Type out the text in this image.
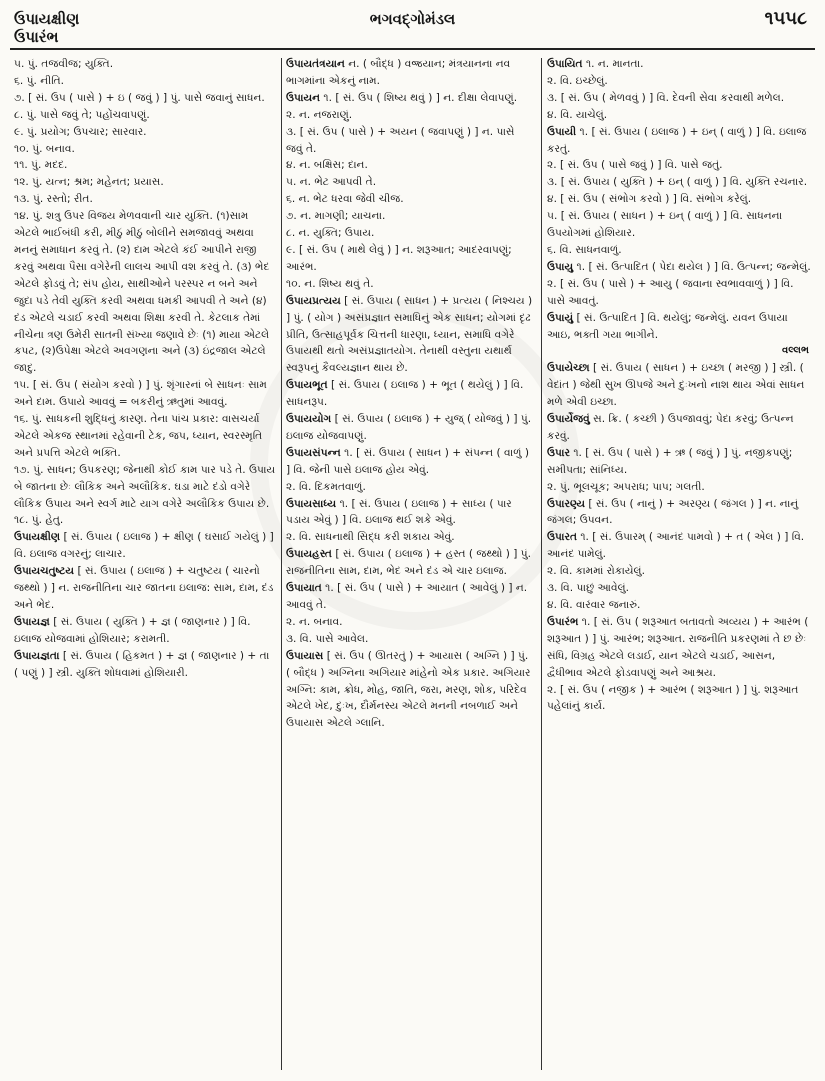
ઉપાયક્ષીણ
ઉપારંભ
ભગવદ્ગોમંડલ	૧૫૫૮

૫. પું. તજવીજ; યુક્તિ.

૬. પું. નીતિ.

૭. [ સં. ઉપ ( પાસે ) + ઇ ( જવું ) ] પું. પાસે જવાનું સાધન.

૮. પું. પાસે જવું તે; પહોંચવાપણું.

૯. પું. પ્રયોગ; ઉપચાર; સારવાર.

૧૦. પું. બનાવ.

૧૧. પું. મદદ.

૧૨. પું. યત્ન; શ્રમ; મહેનત; પ્રયાસ.

૧૩. પું. રસ્તો; રીત.

૧૪. પું. શત્રુ ઉપર વિજય મેળવવાની ચાર યુક્તિ. (૧)સામ એટલે ભાઈબંધી કરી, મીઠું મીઠું બોલીને સમજાવવું અથવા મનનું સમાધાન કરવું તે. (૨) દામ એટલે કંઈ આપીને રાજી કરવું અથવા પૈસા વગેરેની લાલચ આપી વશ કરવું તે. (૩) ભેદ એટલે ફોડવું તે; સંપ હોય, સાથીઓને પરસ્પર ન બને અને જુદા પડે તેવી યુક્તિ કરવી અથવા ધમકી આપવી તે અને (૪) દંડ એટલે ચડાઈ કરવી અથવા શિક્ષા કરવી તે. કેટલાક તેમાં નીચેના ત્રણ ઉમેરી સાતની સંખ્યા જણાવે છેઃ (૧) માયા એટલે કપટ, (૨)ઉપેક્ષા એટલે અવગણના અને (૩) ઇંદ્રજાલ એટલે જાદુ.

૧૫. [ સં. ઉપ ( સંયોગ કરવો ) ] પું. શૃંગારનાં બે સાધનઃ સામ અને દામ. ઉપાયે આવવું = બકરીનું ઋતુમાં આવવું.

૧૬. પું. સાધકની શુદ્ધિનું કારણ. તેના પાંચ પ્રકાર: વાસચર્યા એટલે એકજ સ્થાનમાં રહેવાની ટેક, જપ, ધ્યાન, સ્વરસ્મૃતિ અને પ્રપત્તિ એટલે ભક્તિ.

૧૭. પું. સાધન; ઉપકરણ; જેનાથી કોઈ કામ પાર પડે તે. ઉપાય બે જાતના છેઃ લૌકિક અને અલૌકિક. ઘડા માટે દંડો વગેરે લૌકિક ઉપાય અને સ્વર્ગ માટે યાગ વગેરે અલૌકિક ઉપાય છે.

૧૮. પું. હેતુ.

ઉપાયક્ષીણ [ સં. ઉપાય ( ઇલાજ ) + ક્ષીણ ( ઘસાઈ ગયેલું ) ] વિ. ઇલાજ વગરનું; લાચાર.

ઉપાયચતુષ્ટય [ સં. ઉપાય ( ઇલાજ ) + ચતુષ્ટય ( ચારનો જથ્થો ) ] ન. રાજનીતિના ચાર જાતના ઇલાજ: સામ, દામ, દંડ અને ભેદ.

ઉપાયજ્ઞ [ સં. ઉપાય ( યુક્તિ ) + જ્ઞ ( જાણનાર ) ] વિ. ઇલાજ યોજવામાં હોશિયાર; કરામતી.

ઉપાયજ્ઞતા [ સં. ઉપાય ( હિકમત ) + જ્ઞ ( જાણનાર ) + તા ( પણું ) ] સ્ત્રી. યુક્તિ શોધવામાં હોશિયારી.

ઉપાયતંત્રયાન ન. ( બૌદ્ધ ) વજ્રયાન; મંત્રયાનના નવ ભાગમાંના એકનું નામ.

ઉપાયન ૧. [ સં. ઉપ ( શિષ્ય થવું ) ] ન. દીક્ષા લેવાપણું.

૨. ન. નજરાણું.

૩. [ સં. ઉપ ( પાસે ) + અયન ( જવાપણું ) ] ન. પાસે જવું તે.

૪. ન. બક્ષિસ; દાન.

૫. ન. ભેટ આપવી તે.

૬. ન. ભેટ ધરવા જેવી ચીજ.

૭. ન. માગણી; યાચના.

૮. ન. યુક્તિ; ઉપાય.

૯. [ સં. ઉપ ( માથે લેવું ) ] ન. શરૂઆત; આદરવાપણું; આરંભ.

૧૦. ન. શિષ્ય થવું તે.

ઉપાયપ્રત્યય [ સં. ઉપાય ( સાધન ) + પ્રત્યય ( નિશ્ચય ) ] પું. ( યોગ ) અસંપ્રજ્ઞાત સમાધિનું એક સાધન; યોગમાં દૃઢ પ્રીતિ, ઉત્સાહપૂર્વક ચિત્તની ધારણા, ધ્યાન, સમાધિ વગેરે ઉપાયથી થતો અસંપ્રજ્ઞાતયોગ. તેનાથી વસ્તુના યથાર્થ સ્વરૂપનું કૈવલ્યજ્ઞાન થાય છે.

ઉપાયભૂત [ સં. ઉપાય ( ઇલાજ ) + ભૂત ( થયેલું ) ] વિ. સાધનરૂપ.

ઉપાયયોગ [ સં. ઉપાય ( ઇલાજ ) + યુજ્ ( યોજવું ) ] પું. ઇલાજ યોજવાપણું.

ઉપાયસંપન્ન ૧. [ સં. ઉપાય ( સાધન ) + સંપન્ન ( વાળું ) ] વિ. જેની પાસે ઇલાજ હોય એવું.

૨. વિ. દિકમતવાળું.

ઉપાયસાધ્ય ૧. [ સં. ઉપાય ( ઇલાજ ) + સાધ્ય ( પાર પડાય એવું ) ] વિ. ઇલાજ થઈ શકે એવું.

૨. વિ. સાધનાથી સિદ્ધ કરી શકાય એવું.

ઉપાયહસ્ત [ સં. ઉપાય ( ઇલાજ ) + હસ્ત ( જથ્થો ) ] પું. રાજનીતિના સામ, દામ, ભેદ અને દંડ એ ચાર ઇલાજ.

ઉપાયાત ૧. [ સં. ઉપ ( પાસે ) + આયાત ( આવેલું ) ] ન. આવવું તે.

૨. ન. બનાવ.

૩. વિ. પાસે આવેલ.

ઉપાયાસ [ સં. ઉપ ( ઊતરતું ) + આયાસ ( અગ્નિ ) ] પું. ( બૌદ્ધ ) અગ્નિના અગિયાર માંહેનો એક પ્રકાર. અગિયાર અગ્નિ: કામ, ક્રોધ, મોહ, જાતિ, જરા, મરણ, શોક, પરિદેવ એટલે ખેદ, દુઃખ, દૌર્મનસ્ય એટલે મનની નબળાઈ અને ઉપાયાસ એટલે ગ્લાનિ.

ઉપાયિત ૧. ન. માનતા.

૨. વિ. ઇચ્છેલું.

૩. [ સં. ઉપ ( મેળવવું ) ] વિ. દેવની સેવા કરવાથી મળેલ.

૪. વિ. યાચેલું.

ઉપાયી ૧. [ સં. ઉપાય ( ઇલાજ ) + ઇન્ ( વાળું ) ] વિ. ઇલાજ કરતું.

૨. [ સં. ઉપ ( પાસે જવું ) ] વિ. પાસે જતું.

૩. [ સં. ઉપાય ( યુક્તિ ) + ઇન્ ( વાળું ) ] વિ. યુક્તિ રચનાર.

૪. [ સં. ઉપ ( સંભોગ કરવો ) ] વિ. સંભોગ કરેલું.

૫. [ સં. ઉપાય ( સાધન ) + ઇન્ ( વાળું ) ] વિ. સાધનના ઉપયોગમાં હોશિયાર.

૬. વિ. સાધનવાળું.

ઉપાયુ ૧. [ સં. ઉત્પાદિત ( પેદા થયેલ ) ] વિ. ઉત્પન્ન; જન્મેલું.

૨. [ સં. ઉપ ( પાસે ) + આયુ ( જવાના સ્વભાવવાળું ) ] વિ. પાસે આવતું.

ઉપાયું [ સં. ઉત્પાદિત ] વિ. થયેલું; જન્મેલું. યવન ઉપાયા આઇ, ભક્તી ગયા ભાગીને.

વલ્લભ

ઉપાયેચ્છા [ સં. ઉપાય ( સાધન ) + ઇચ્છા ( મરજી ) ] સ્ત્રી. ( વેદાંત ) જેથી સુખ ઊપજે અને દુઃખનો નાશ થાય એવાં સાધન મળે એવી ઇચ્છા.

ઉપાર્યેજવું સ. ક્રિ. ( કચ્છી ) ઉપજાવવું; પેદા કરવું; ઉત્પન્ન કરવું.

ઉપાર ૧. [ સં. ઉપ ( પાસે ) + ઋ ( જવું ) ] પું. નજીકપણું; સમીપતા; સાંનિધ્ય.

૨. પું. ભૂલચૂક; અપરાધ; પાપ; ગલતી.

ઉપારણ્ય [ સં. ઉપ ( નાનું ) + અરણ્ય ( જંગલ ) ] ન. નાનું જંગલ; ઉપવન.

ઉપારત ૧. [ સં. ઉપારમ્ ( આનંદ પામવો ) + ત ( એલ ) ] વિ. આનંદ પામેલું.

૨. વિ. કામમાં રોકાયેલું.

૩. વિ. પાછું આવેલું.

૪. વિ. વારંવાર જનારું.

ઉપારંભ ૧. [ સં. ઉપ ( શરૂઆત બતાવતો અવ્યય ) + આરંભ ( શરૂઆત ) ] પું. આરંભ; શરૂઆત. રાજનીતિ પ્રકરણમાં તે છ છેઃ સંધિ, વિગ્રહ એટલે લડાઈ, યાન એટલે ચડાઈ, આસન, દ્વૈધીભાવ એટલે ફોડવાપણું અને આશ્રય.

૨. [ સં. ઉપ ( નજીક ) + આરંભ ( શરૂઆત ) ] પું. શરૂઆત પહેલાંનું કાર્ય.
